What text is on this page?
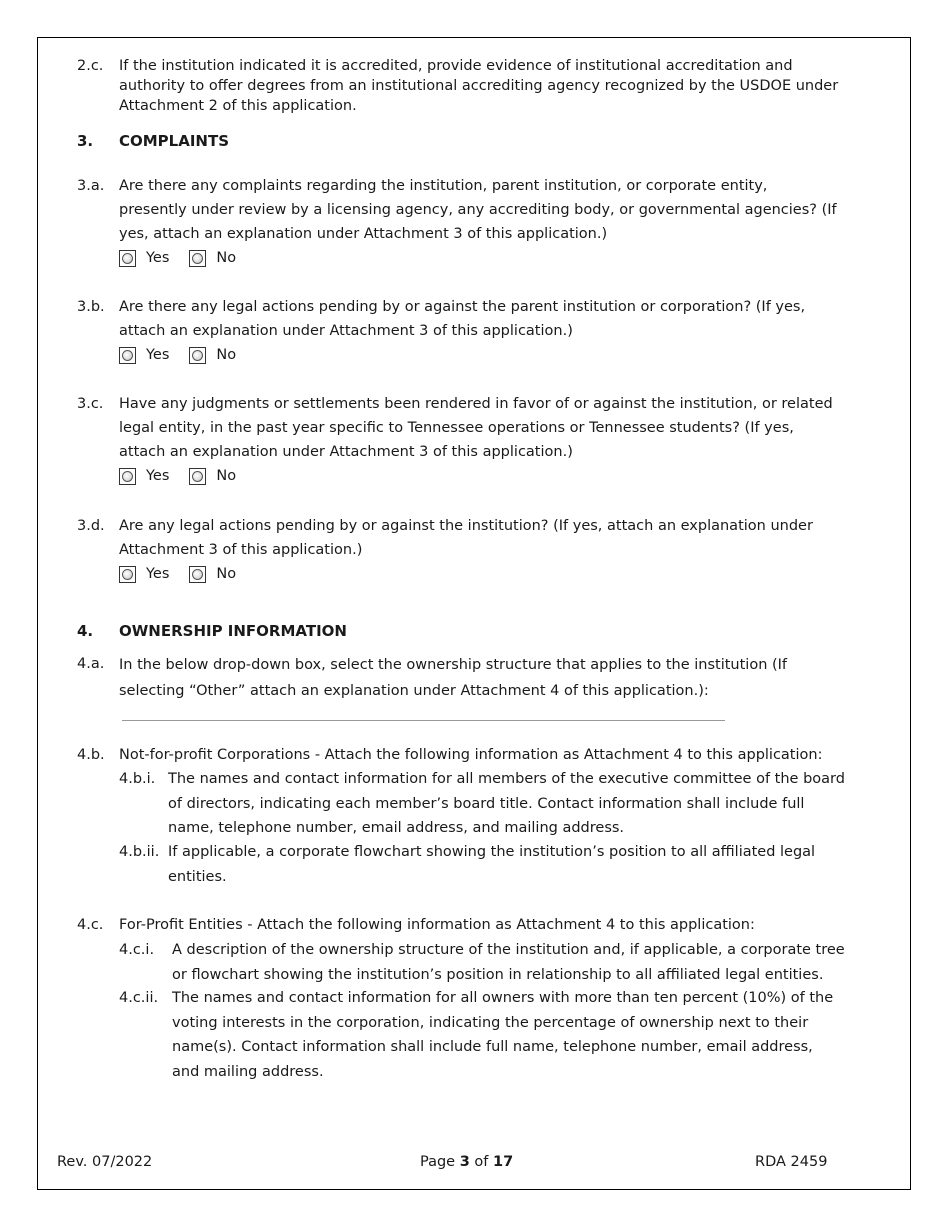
2.c. If the institution indicated it is accredited, provide evidence of institutional accreditation and authority to offer degrees from an institutional accrediting agency recognized by the USDOE under Attachment 2 of this application.
3. COMPLAINTS
3.a. Are there any complaints regarding the institution, parent institution, or corporate entity, presently under review by a licensing agency, any accrediting body, or governmental agencies? (If yes, attach an explanation under Attachment 3 of this application.)
Yes	No
3.b. Are there any legal actions pending by or against the parent institution or corporation? (If yes, attach an explanation under Attachment 3 of this application.)
Yes	No
3.c. Have any judgments or settlements been rendered in favor of or against the institution, or related legal entity, in the past year specific to Tennessee operations or Tennessee students? (If yes, attach an explanation under Attachment 3 of this application.)
Yes	No
3.d. Are any legal actions pending by or against the institution? (If yes, attach an explanation under Attachment 3 of this application.)
Yes	No
4. OWNERSHIP INFORMATION
4.a. In the below drop-down box, select the ownership structure that applies to the institution (If selecting “Other” attach an explanation under Attachment 4 of this application.):
4.b. Not-for-profit Corporations - Attach the following information as Attachment 4 to this application:
4.b.i. The names and contact information for all members of the executive committee of the board of directors, indicating each member’s board title. Contact information shall include full name, telephone number, email address, and mailing address.
4.b.ii. If applicable, a corporate flowchart showing the institution’s position to all affiliated legal entities.
4.c. For-Profit Entities - Attach the following information as Attachment 4 to this application:
4.c.i. A description of the ownership structure of the institution and, if applicable, a corporate tree or flowchart showing the institution’s position in relationship to all affiliated legal entities.
4.c.ii. The names and contact information for all owners with more than ten percent (10%) of the voting interests in the corporation, indicating the percentage of ownership next to their name(s). Contact information shall include full name, telephone number, email address, and mailing address.
Rev. 07/2022	Page 3 of 17	RDA 2459
